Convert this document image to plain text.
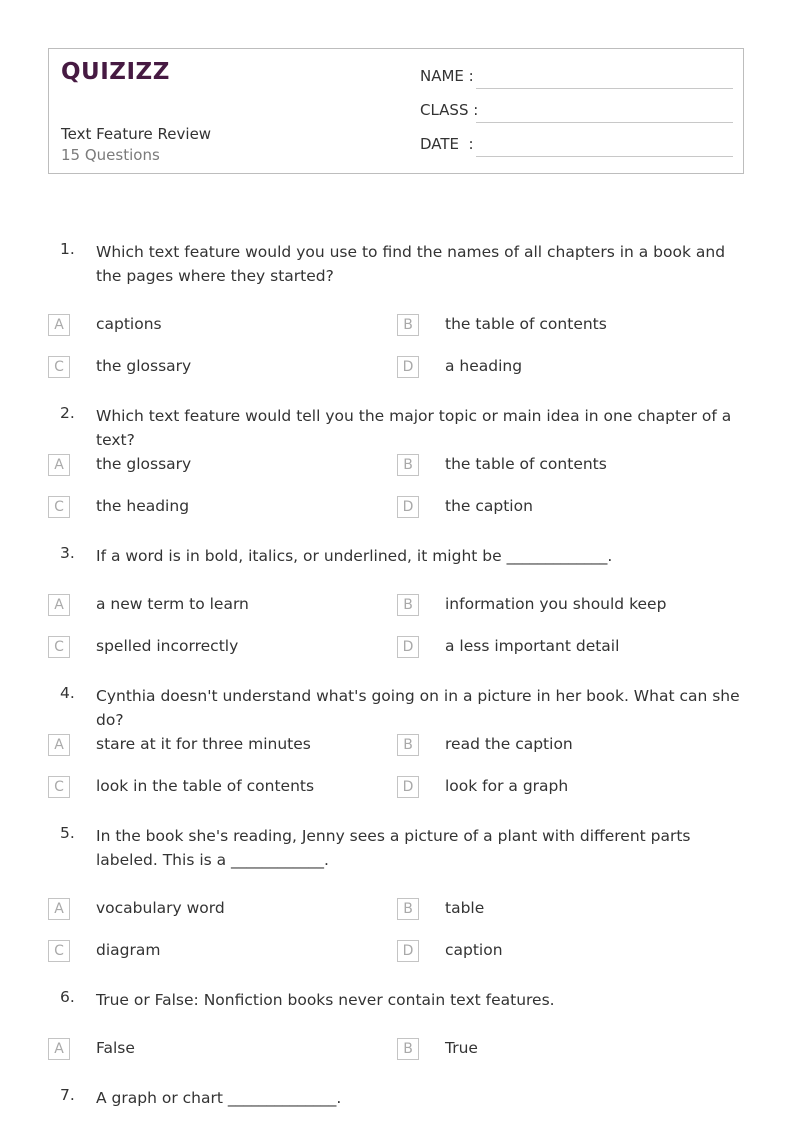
QUIZIZZ
Text Feature Review
15 Questions
NAME :
CLASS :
DATE  :
1. Which text feature would you use to find the names of all chapters in a book and the pages where they started?
A	captions	B	the table of contents
C	the glossary	D	a heading
2. Which text feature would tell you the major topic or main idea in one chapter of a text?
A	the glossary	B	the table of contents
C	the heading	D	the caption
3. If a word is in bold, italics, or underlined, it might be _____________.
A	a new term to learn	B	information you should keep
C	spelled incorrectly	D	a less important detail
4. Cynthia doesn't understand what's going on in a picture in her book. What can she do?
A	stare at it for three minutes	B	read the caption
C	look in the table of contents	D	look for a graph
5. In the book she's reading, Jenny sees a picture of a plant with different parts labeled. This is a ____________.
A	vocabulary word	B	table
C	diagram	D	caption
6. True or False: Nonfiction books never contain text features.
A	False	B	True
7. A graph or chart ______________.
